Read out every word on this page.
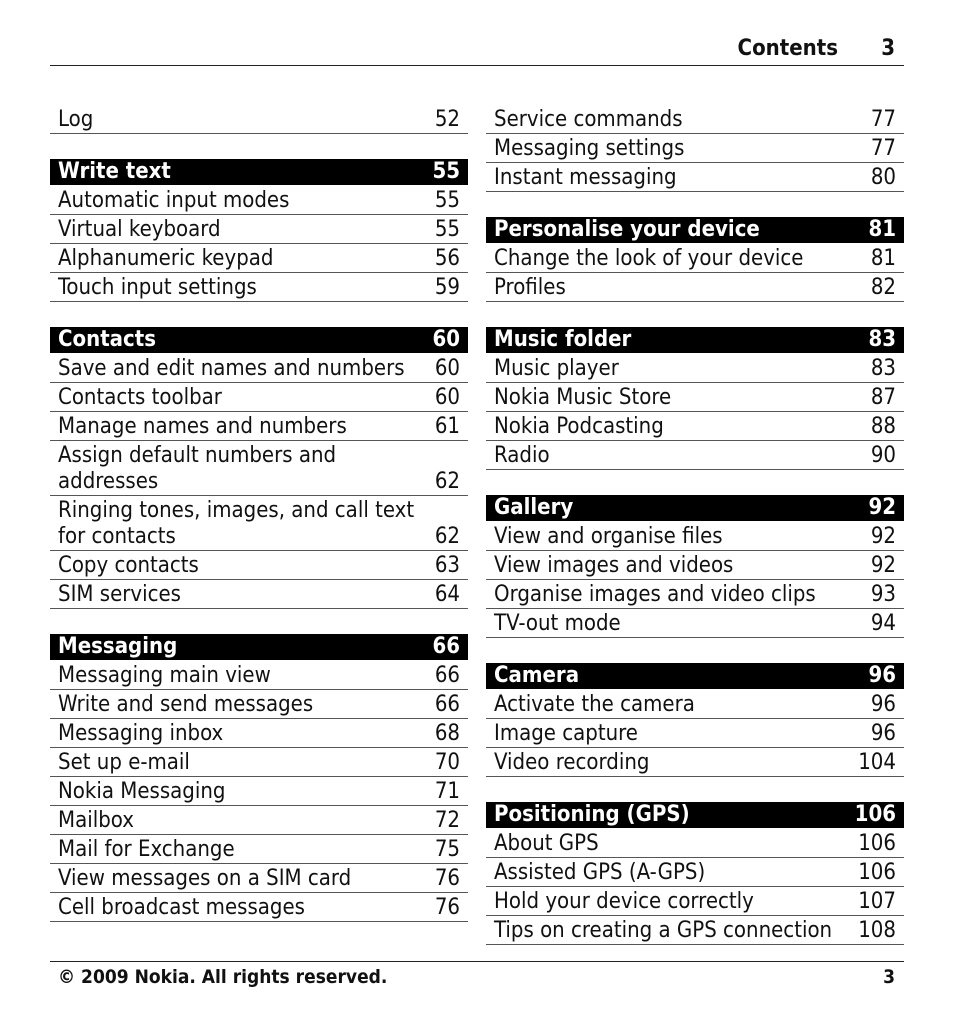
Contents 3
Log	52
Write text	55
Automatic input modes	55
Virtual keyboard	55
Alphanumeric keypad	56
Touch input settings	59
Contacts	60
Save and edit names and numbers	60
Contacts toolbar	60
Manage names and numbers	61
Assign default numbers and addresses	62
Ringing tones, images, and call text for contacts	62
Copy contacts	63
SIM services	64
Messaging	66
Messaging main view	66
Write and send messages	66
Messaging inbox	68
Set up e-mail	70
Nokia Messaging	71
Mailbox	72
Mail for Exchange	75
View messages on a SIM card	76
Cell broadcast messages	76
Service commands	77
Messaging settings	77
Instant messaging	80
Personalise your device	81
Change the look of your device	81
Profiles	82
Music folder	83
Music player	83
Nokia Music Store	87
Nokia Podcasting	88
Radio	90
Gallery	92
View and organise files	92
View images and videos	92
Organise images and video clips	93
TV-out mode	94
Camera	96
Activate the camera	96
Image capture	96
Video recording	104
Positioning (GPS)	106
About GPS	106
Assisted GPS (A-GPS)	106
Hold your device correctly	107
Tips on creating a GPS connection	108
© 2009 Nokia. All rights reserved.	3
